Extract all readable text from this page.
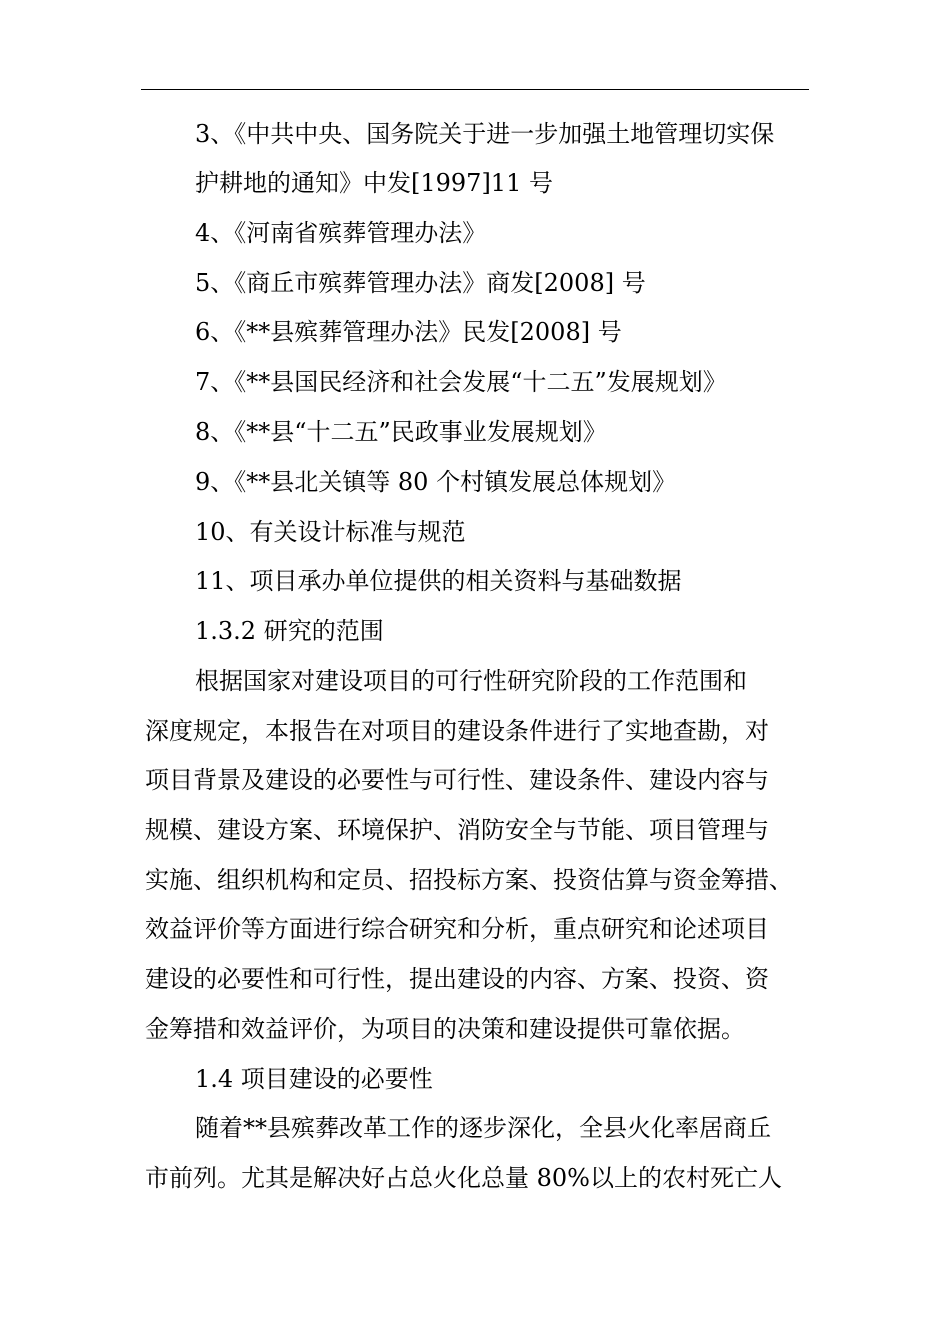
3、《中共中央、国务院关于进一步加强土地管理切实保
护耕地的通知》中发[1997]11 号
4、《河南省殡葬管理办法》
5、《商丘市殡葬管理办法》商发[2008] 号
6、《**县殡葬管理办法》民发[2008] 号
7、《**县国民经济和社会发展“十二五”发展规划》
8、《**县“十二五”民政事业发展规划》
9、《**县北关镇等 80 个村镇发展总体规划》
10、有关设计标准与规范
11、项目承办单位提供的相关资料与基础数据
1.3.2 研究的范围
根据国家对建设项目的可行性研究阶段的工作范围和
深度规定，本报告在对项目的建设条件进行了实地查勘，对
项目背景及建设的必要性与可行性、建设条件、建设内容与
规模、建设方案、环境保护、消防安全与节能、项目管理与
实施、组织机构和定员、招投标方案、投资估算与资金筹措、
效益评价等方面进行综合研究和分析，重点研究和论述项目
建设的必要性和可行性，提出建设的内容、方案、投资、资
金筹措和效益评价，为项目的决策和建设提供可靠依据。
1.4 项目建设的必要性
随着**县殡葬改革工作的逐步深化，全县火化率居商丘
市前列。尤其是解决好占总火化总量 80%以上的农村死亡人
